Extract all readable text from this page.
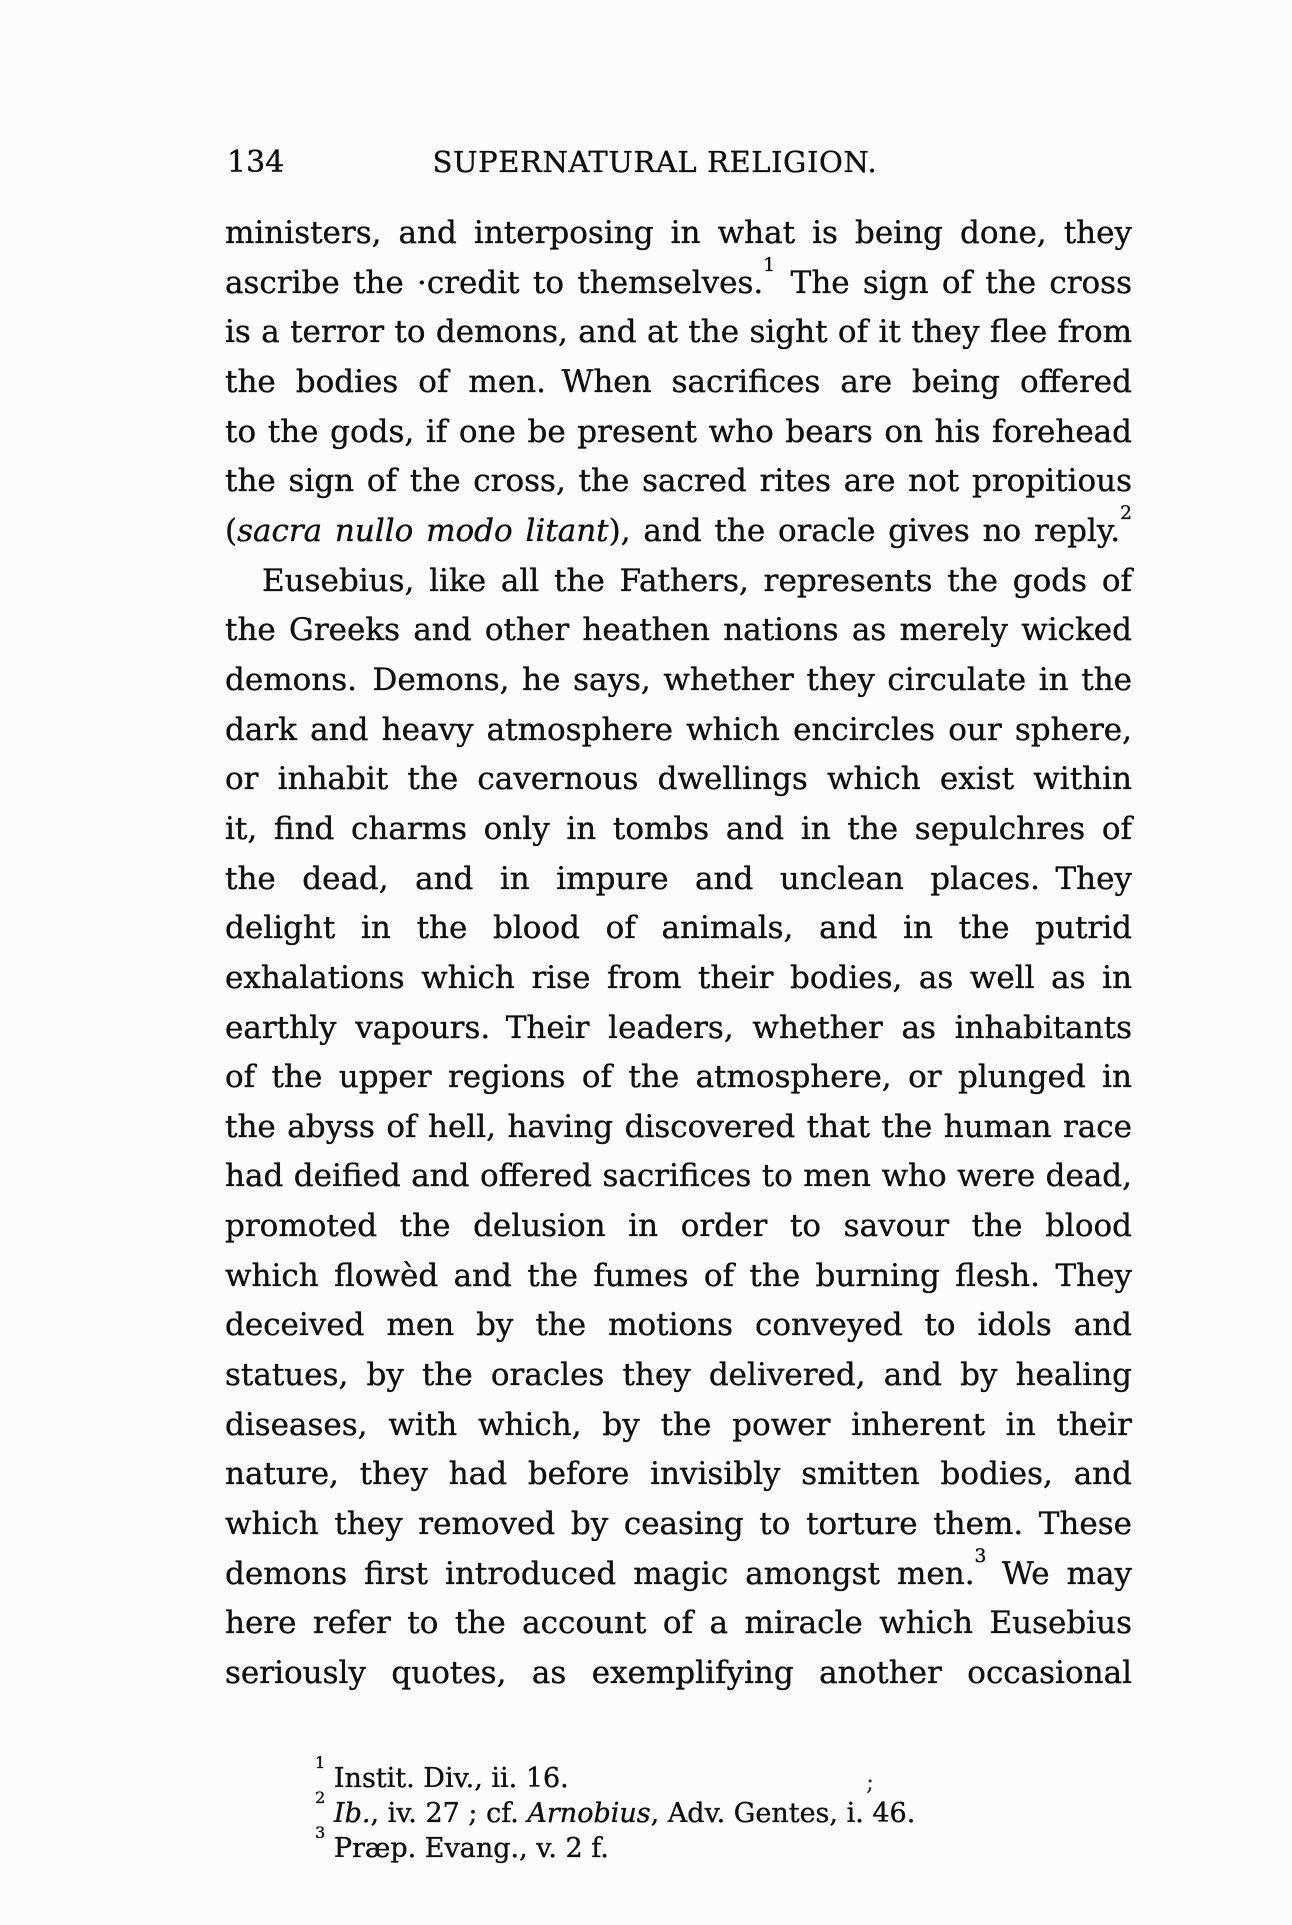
134	SUPERNATURAL RELIGION.
ministers, and interposing in what is being done, they
ascribe the ·credit to themselves.$^1$ The sign of the cross
is a terror to demons, and at the sight of it they flee from
the bodies of men. When sacrifices are being offered
to the gods, if one be present who bears on his forehead
the sign of the cross, the sacred rites are not propitious
(sacra nullo modo litant), and the oracle gives no reply.$^2$
Eusebius, like all the Fathers, represents the gods of
the Greeks and other heathen nations as merely wicked
demons. Demons, he says, whether they circulate in the
dark and heavy atmosphere which encircles our sphere,
or inhabit the cavernous dwellings which exist within
it, find charms only in tombs and in the sepulchres of
the dead, and in impure and unclean places. They
delight in the blood of animals, and in the putrid
exhalations which rise from their bodies, as well as in
earthly vapours. Their leaders, whether as inhabitants
of the upper regions of the atmosphere, or plunged in
the abyss of hell, having discovered that the human race
had deified and offered sacrifices to men who were dead,
promoted the delusion in order to savour the blood
which flowèd and the fumes of the burning flesh. They
deceived men by the motions conveyed to idols and
statues, by the oracles they delivered, and by healing
diseases, with which, by the power inherent in their
nature, they had before invisibly smitten bodies, and
which they removed by ceasing to torture them. These
demons first introduced magic amongst men.$^3$ We may
here refer to the account of a miracle which Eusebius
seriously quotes, as exemplifying another occasional
$^1$ Instit. Div., ii. 16.
$^2$ Ib., iv. 27 ; cf. Arnobius, Adv. Gentes, i. 46.
$^3$ Præp. Evang., v. 2 f.
;
